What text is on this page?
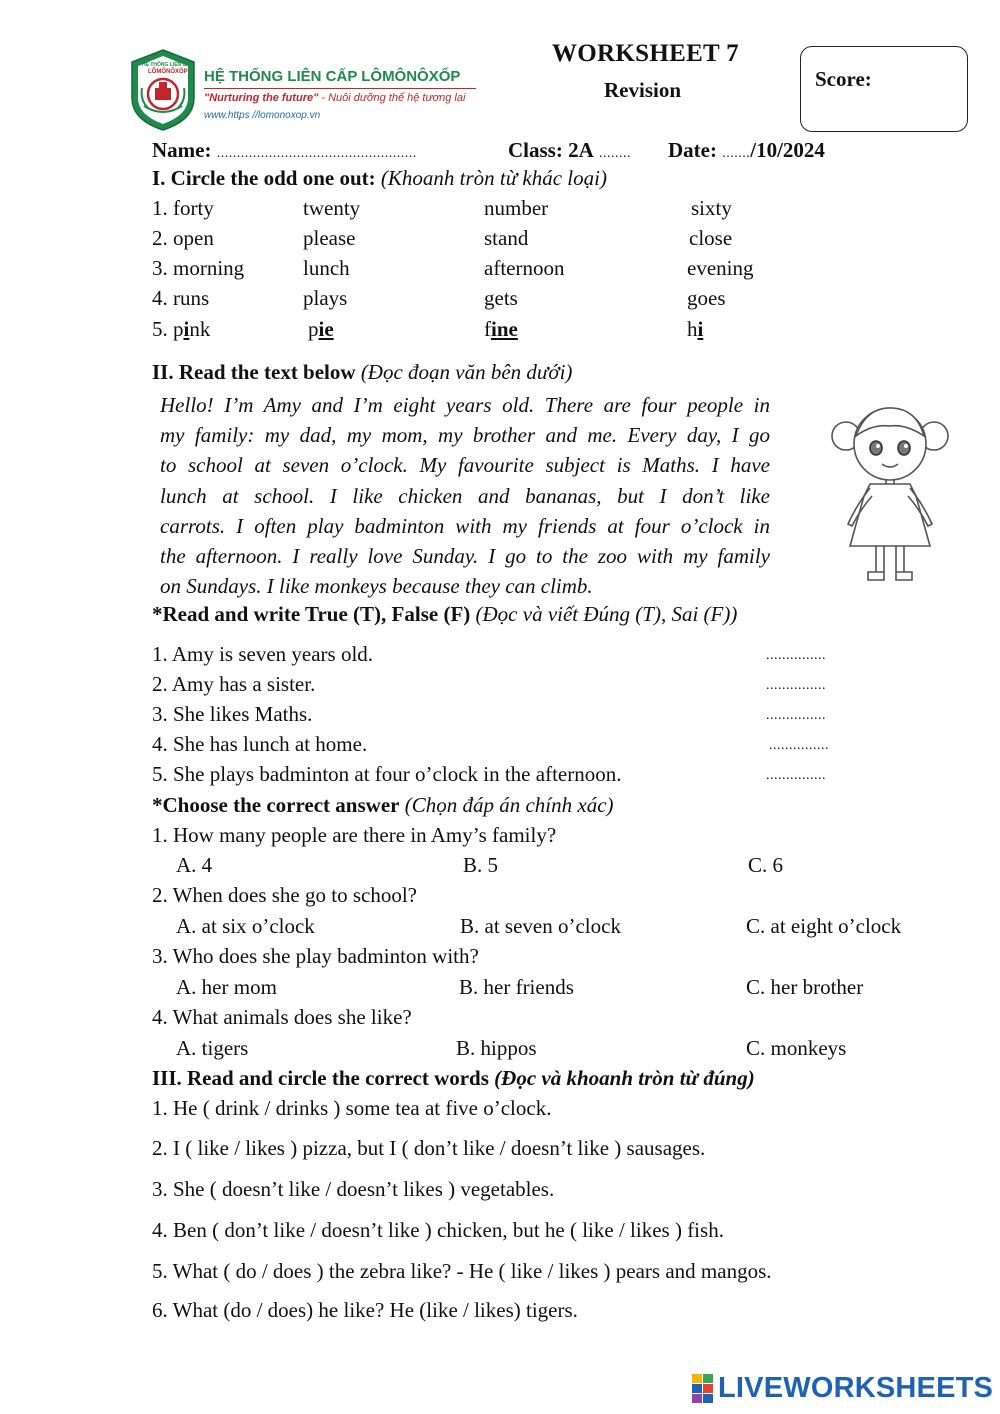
HỆ THỐNG LIÊN CẤP
LÔMÔNÔXỐP HỆ THỐNG LIÊN CẤP LÔMÔNÔXỐP
"Nurturing the future" - Nuôi dưỡng thế hệ tương lai
www.https //lomonoxop.vn
WORKSHEET 7
Revision	Score:
Name: ..................................................	Class: 2A ........ Date: ......./10/2024
I. Circle the odd one out: (Khoanh tròn từ khác loại)
1. forty	twenty	number	sixty
2. open	please	stand	close
3. morning	lunch	afternoon	evening
4. runs	plays	gets	goes
5. pink	pie	fine	hi
II. Read the text below (Đọc đoạn văn bên dưới)
Hello! I’m Amy and I’m eight years old. There are four people in
my family: my dad, my mom, my brother and me. Every day, I go
to school at seven o’clock. My favourite subject is Maths. I have
lunch at school. I like chicken and bananas, but I don’t like
carrots. I often play badminton with my friends at four o’clock in
the afternoon. I really love Sunday. I go to the zoo with my family
on Sundays. I like monkeys because they can climb.
*Read and write True (T), False (F) (Đọc và viết Đúng (T), Sai (F))
1. Amy is seven years old.	...............
2. Amy has a sister.	...............
3. She likes Maths.	...............
4. She has lunch at home.	...............
5. She plays badminton at four o’clock in the afternoon.	...............
*Choose the correct answer (Chọn đáp án chính xác)
1. How many people are there in Amy’s family?
A. 4	B. 5	C. 6
2. When does she go to school?
A. at six o’clock	B. at seven o’clock	C. at eight o’clock
3. Who does she play badminton with?
A. her mom	B. her friends	C. her brother
4. What animals does she like?
A. tigers	B. hippos	C. monkeys
III. Read and circle the correct words (Đọc và khoanh tròn từ đúng)
1. He ( drink / drinks ) some tea at five o’clock.
2. I ( like / likes ) pizza, but I ( don’t like / doesn’t like ) sausages.
3. She ( doesn’t like / doesn’t likes ) vegetables.
4. Ben ( don’t like / doesn’t like ) chicken, but he ( like / likes ) fish.
5. What ( do / does ) the zebra like? - He ( like / likes ) pears and mangos.
6. What (do / does) he like? He (like / likes) tigers.
LIVEWORKSHEETS
